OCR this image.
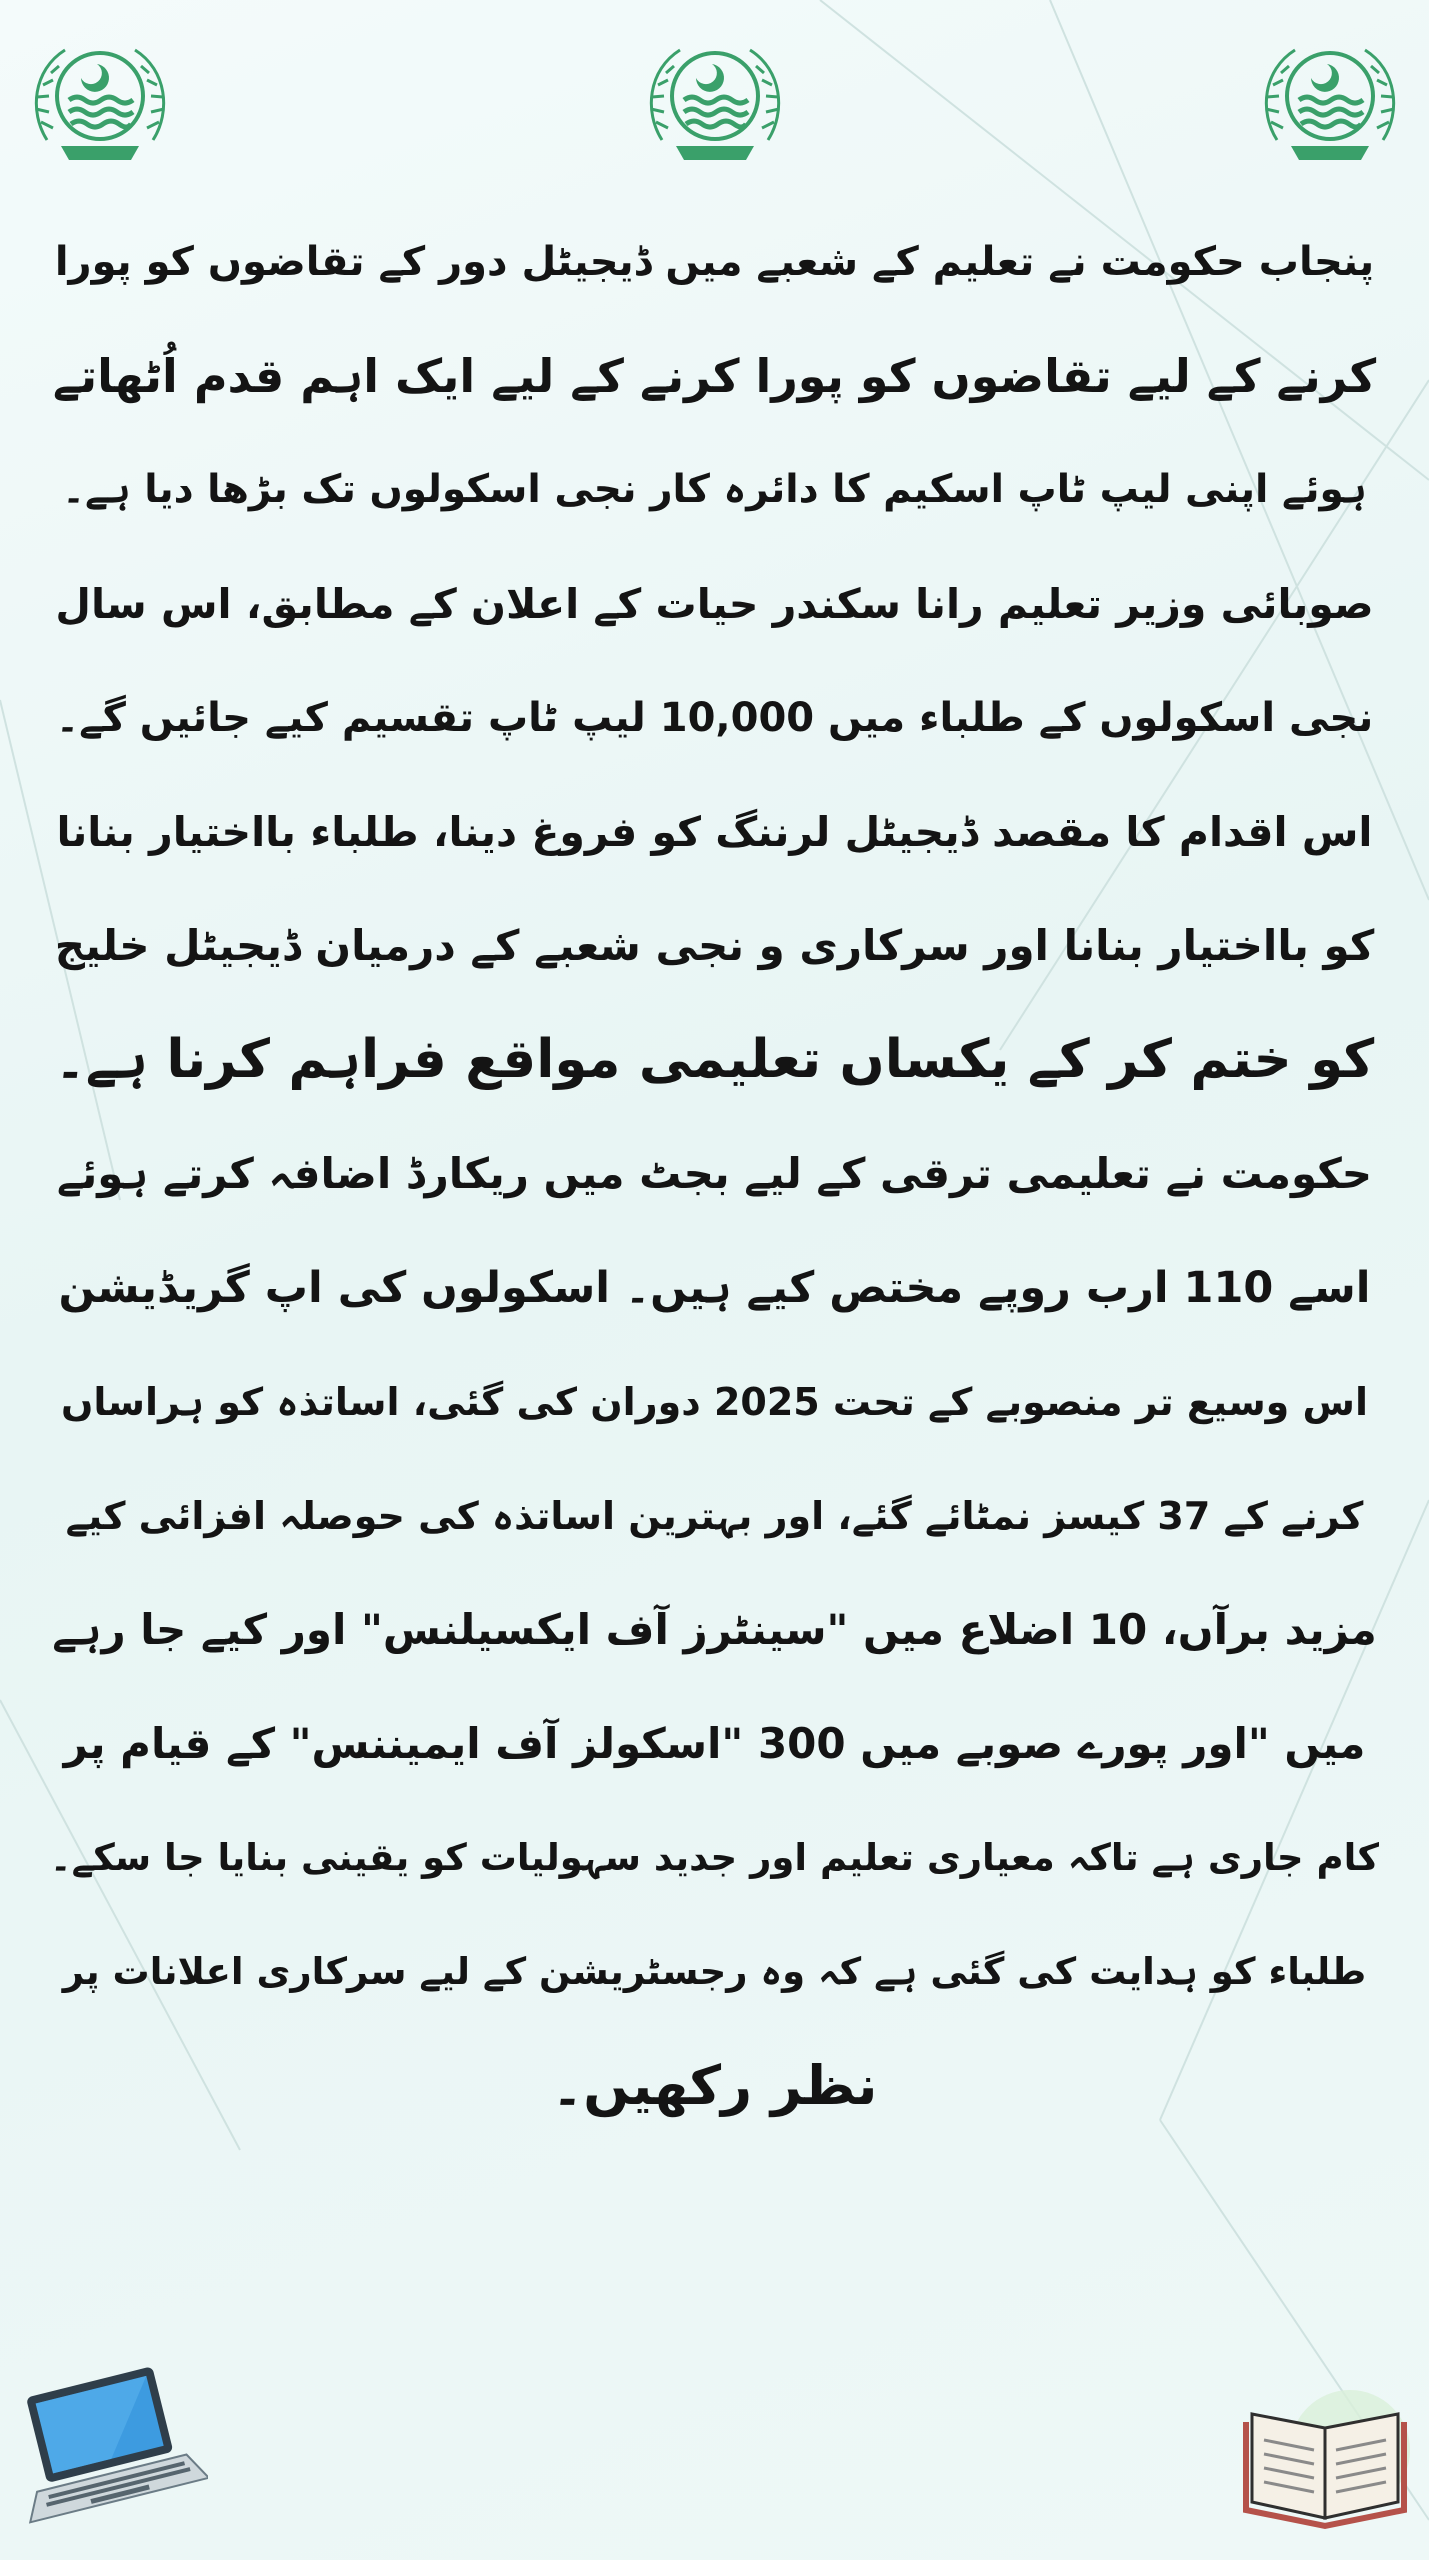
پنجاب حکومت نے تعلیم کے شعبے میں ڈیجیٹل دور کے تقاضوں کو پورا
کرنے کے لیے تقاضوں کو پورا کرنے کے لیے ایک اہم قدم اُٹھاتے
ہوئے اپنی لیپ ٹاپ اسکیم کا دائرہ کار نجی اسکولوں تک بڑھا دیا ہے۔
صوبائی وزیر تعلیم رانا سکندر حیات کے اعلان کے مطابق، اس سال
نجی اسکولوں کے طلباء میں 10,000 لیپ ٹاپ تقسیم کیے جائیں گے۔
اس اقدام کا مقصد ڈیجیٹل لرننگ کو فروغ دینا، طلباء بااختیار بنانا
کو بااختیار بنانا اور سرکاری و نجی شعبے کے درمیان ڈیجیٹل خلیج
کو ختم کر کے یکساں تعلیمی مواقع فراہم کرنا ہے۔
حکومت نے تعلیمی ترقی کے لیے بجٹ میں ریکارڈ اضافہ کرتے ہوئے
اسے 110 ارب روپے مختص کیے ہیں۔ اسکولوں کی اپ گریڈیشن
اس وسیع تر منصوبے کے تحت 2025 دوران کی گئی، اساتذہ کو ہراساں
کرنے کے 37 کیسز نمٹائے گئے، اور بہترین اساتذہ کی حوصلہ افزائی کیے
مزید برآں، 10 اضلاع میں "سینٹرز آف ایکسیلنس" اور کیے جا رہے
میں "اور پورے صوبے میں 300 "اسکولز آف ایمیننس" کے قیام پر
کام جاری ہے تاکہ معیاری تعلیم اور جدید سہولیات کو یقینی بنایا جا سکے۔
طلباء کو ہدایت کی گئی ہے کہ وہ رجسٹریشن کے لیے سرکاری اعلانات پر
نظر رکھیں۔
